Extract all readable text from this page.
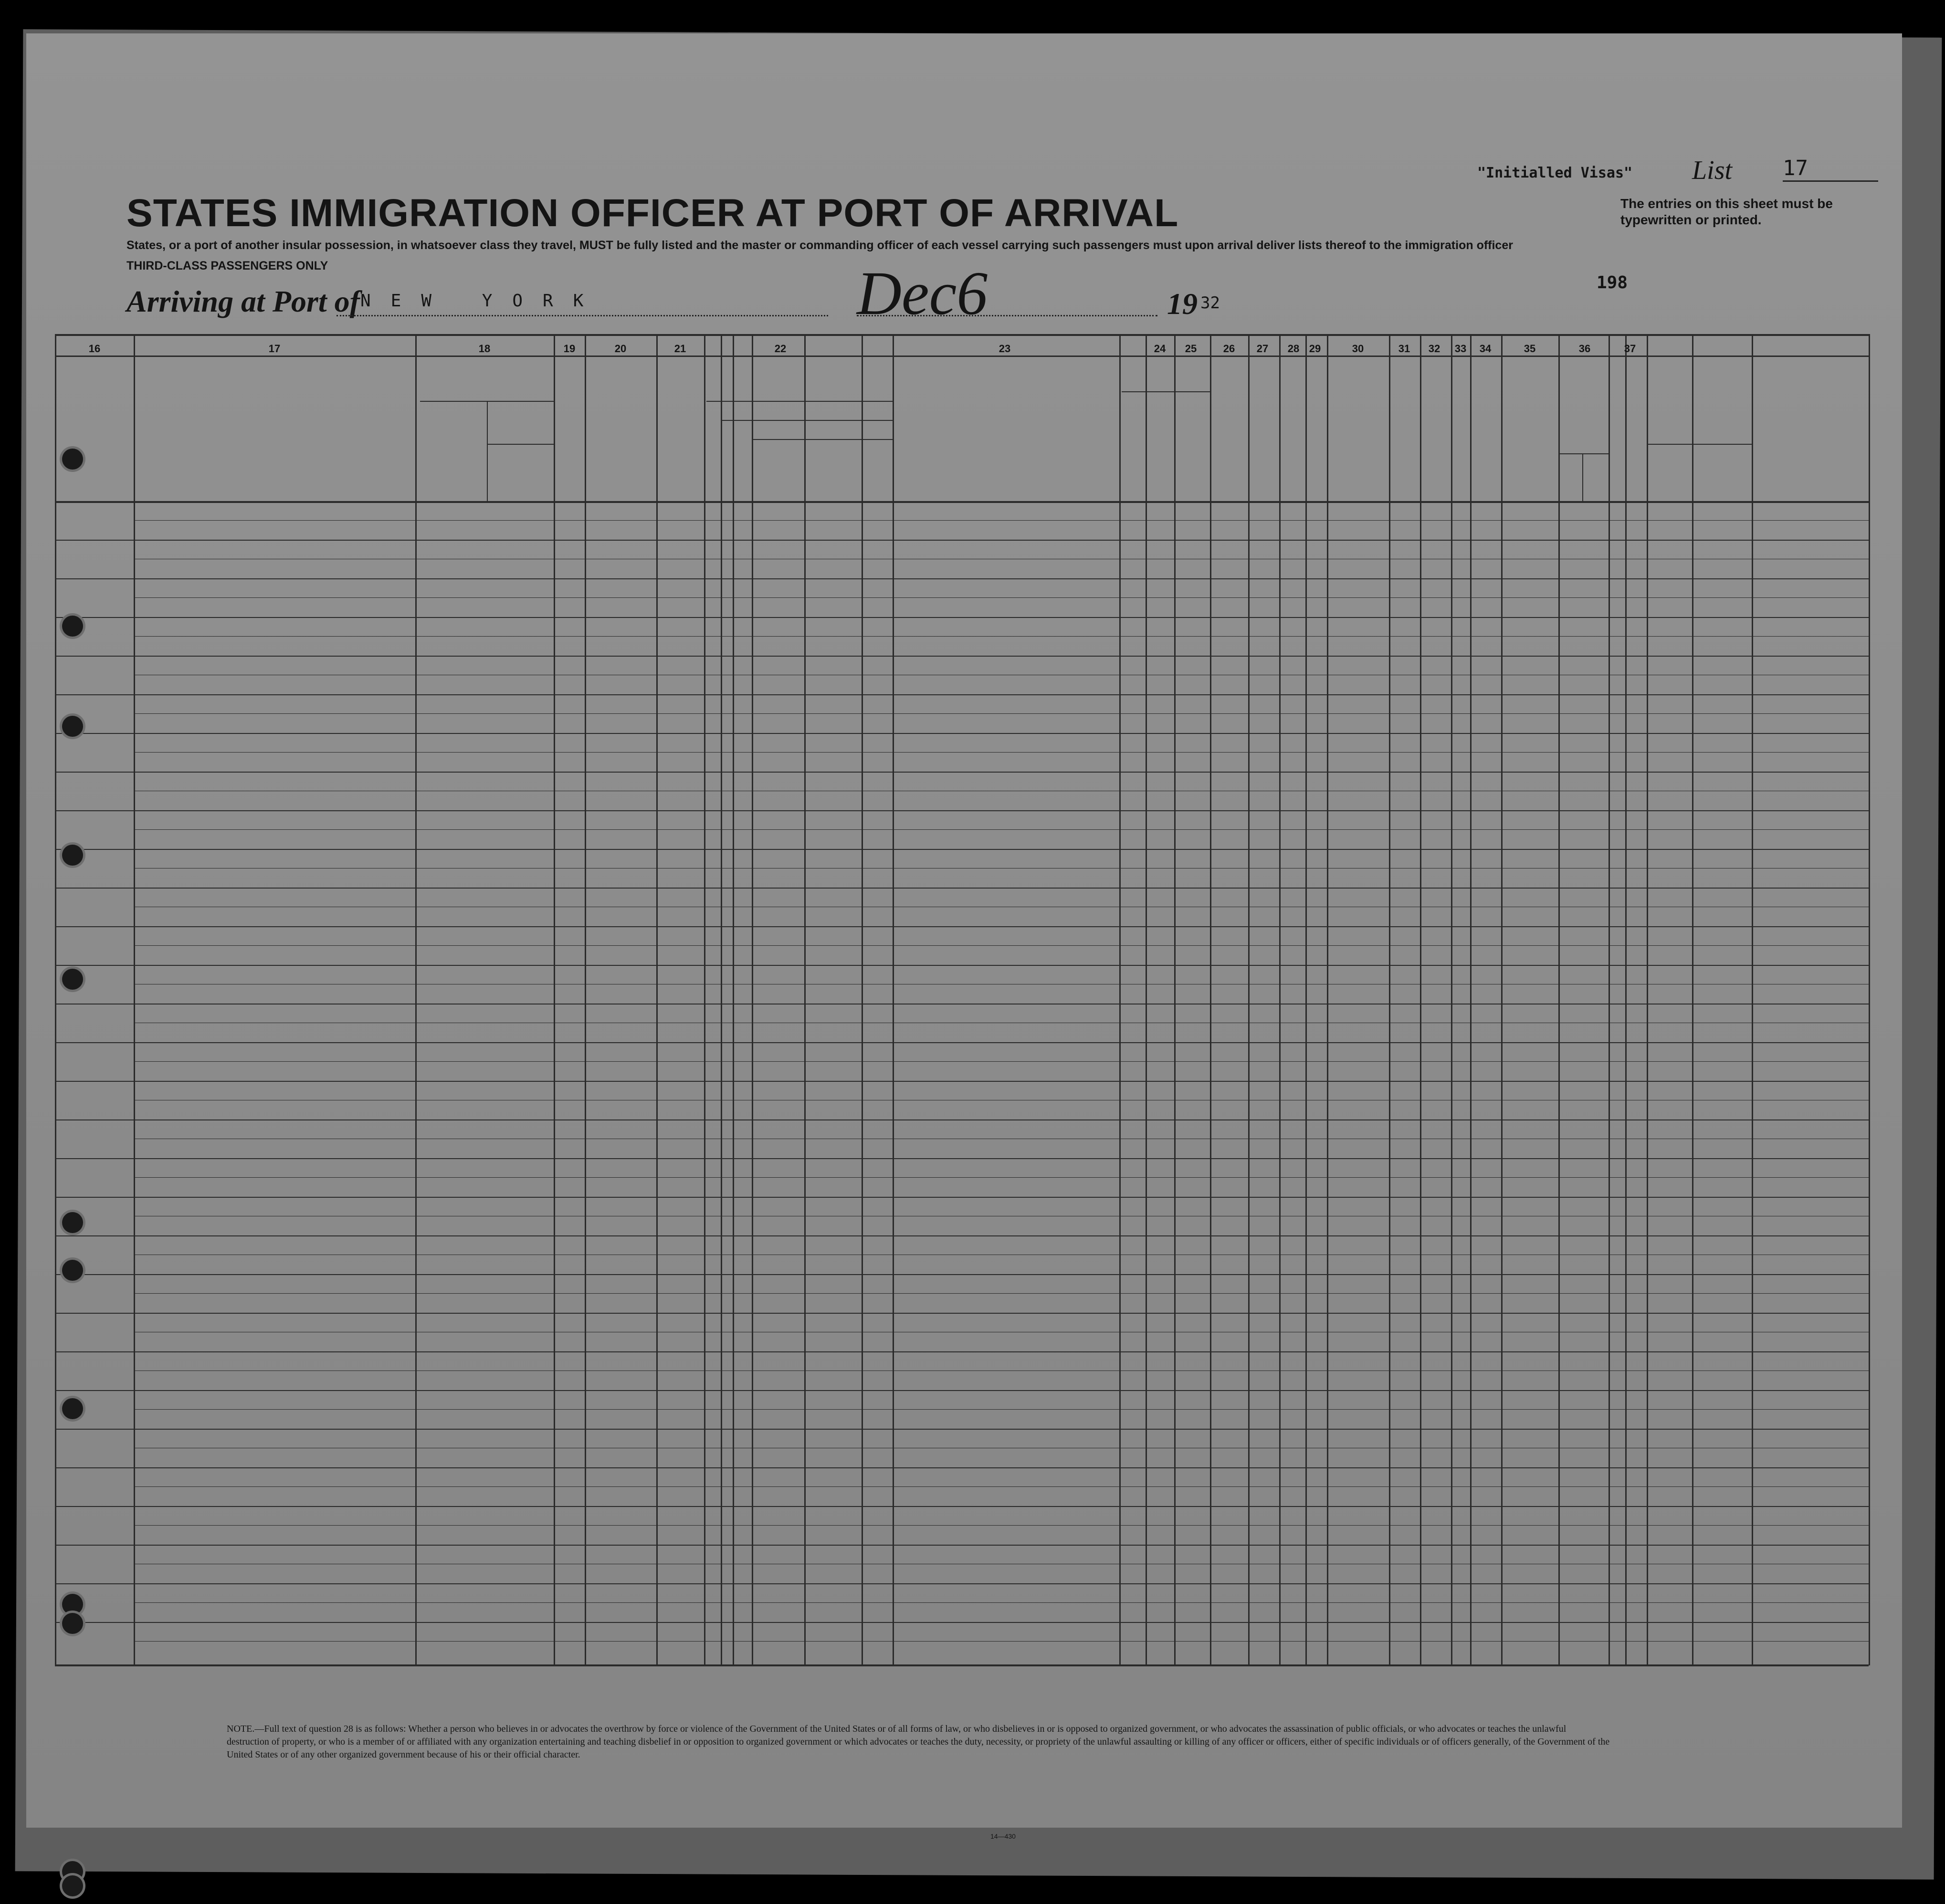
STATES IMMIGRATION OFFICER AT PORT OF ARRIVAL
"Initialled Visas" List 17
The entries on this sheet must be typewritten or printed.
States, or a port of another insular possession, in whatsoever class they travel, MUST be fully listed and the master or commanding officer of each vessel carrying such passengers must upon arrival deliver lists thereof to the immigration officer
THIRD-CLASS PASSENGERS ONLY
Arriving at Port of NEW YORK	Dec6	19 32
198
16	17	18	19	20	21	22	23	24	25	26	27	28 29	30	31	32	33	34	35	36	37
NOTE.—Full text of question 28 is as follows: Whether a person who believes in or advocates the overthrow by force or violence of the Government of the United States or of all forms of law, or who disbelieves in or is opposed to organized government, or who advocates the assassination of public officials, or who advocates or teaches the unlawful destruction of property, or who is a member of or affiliated with any organization entertaining and teaching disbelief in or opposition to organized government or which advocates or teaches the duty, necessity, or propriety of the unlawful assaulting or killing of any officer or officers, either of specific individuals or of officers generally, of the Government of the United States or of any other organized government because of his or their official character.
14—430
